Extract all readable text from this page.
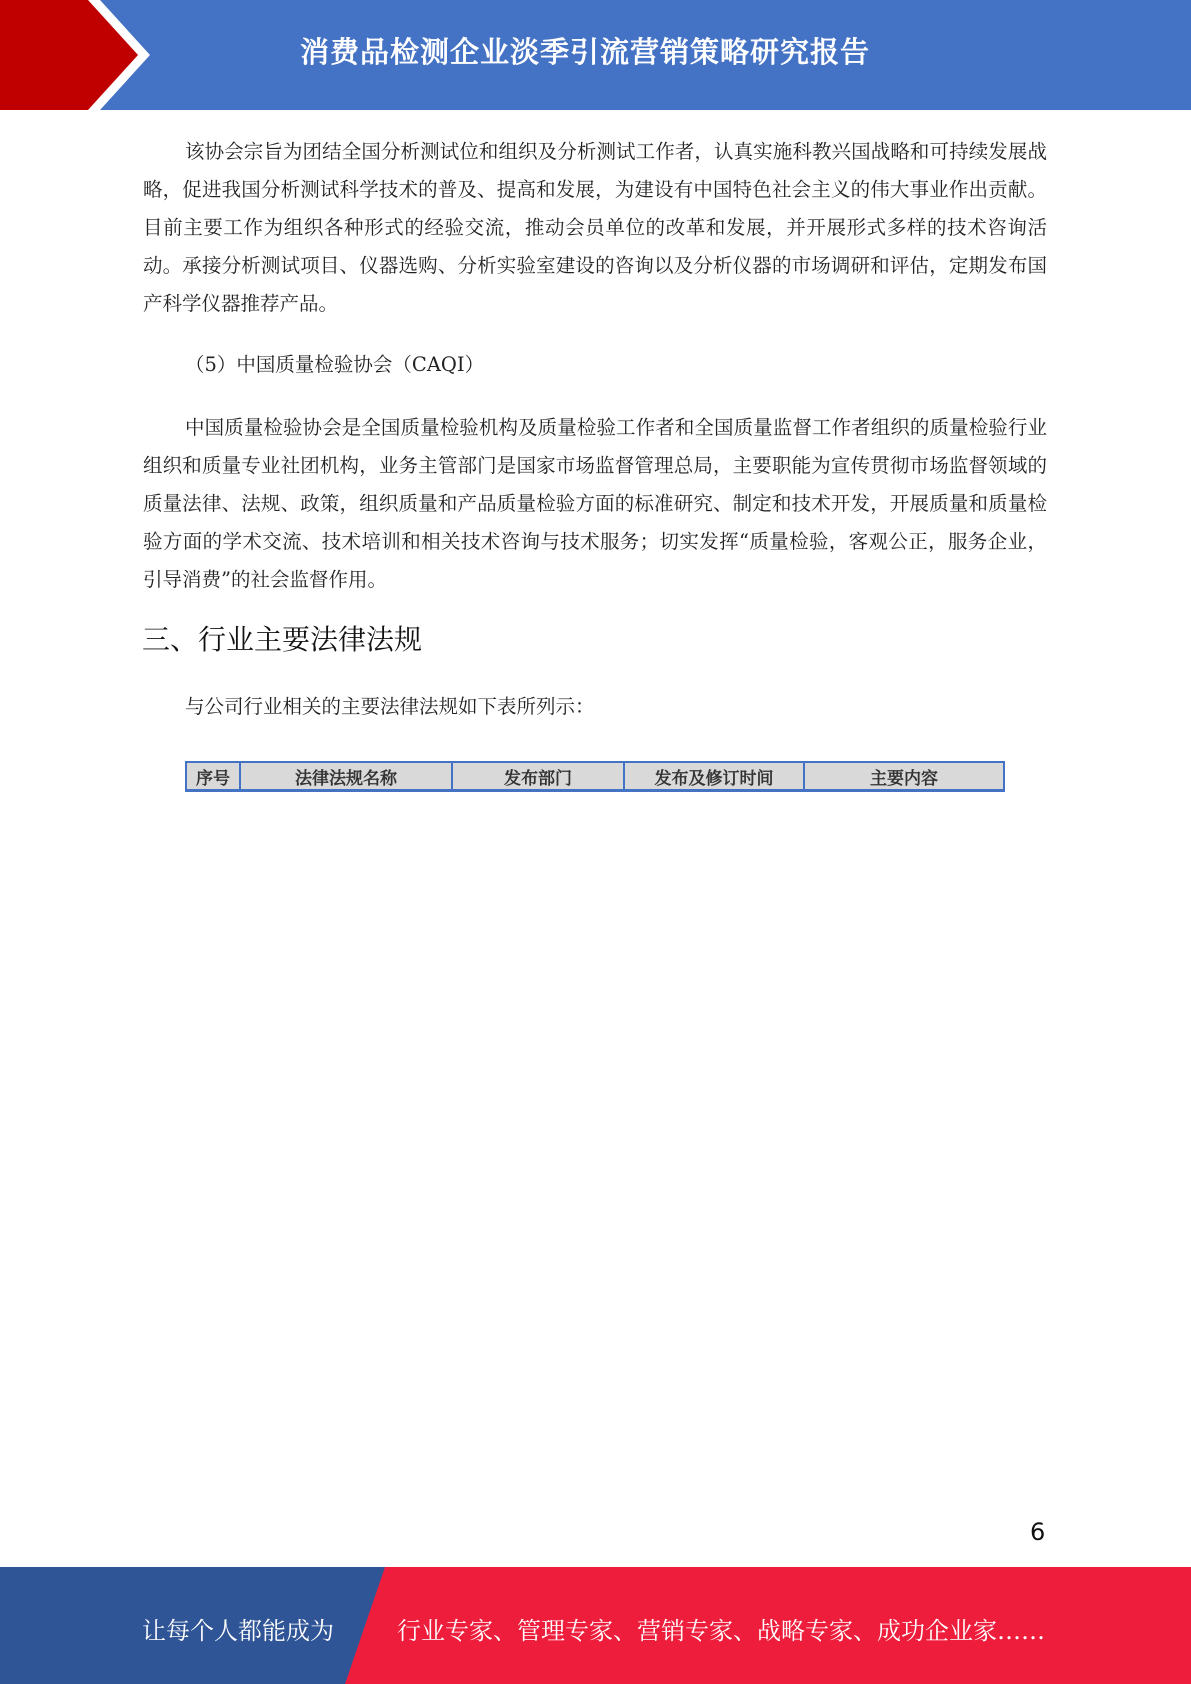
消费品检测企业淡季引流营销策略研究报告

该协会宗旨为团结全国分析测试位和组织及分析测试工作者，认真实施科教兴国战略和可持续发展战略，促进我国分析测试科学技术的普及、提高和发展，为建设有中国特色社会主义的伟大事业作出贡献。目前主要工作为组织各种形式的经验交流，推动会员单位的改革和发展，并开展形式多样的技术咨询活动。承接分析测试项目、仪器选购、分析实验室建设的咨询以及分析仪器的市场调研和评估，定期发布国产科学仪器推荐产品。

（5）中国质量检验协会（CAQI）

中国质量检验协会是全国质量检验机构及质量检验工作者和全国质量监督工作者组织的质量检验行业组织和质量专业社团机构，业务主管部门是国家市场监督管理总局，主要职能为宣传贯彻市场监督领域的质量法律、法规、政策，组织质量和产品质量检验方面的标准研究、制定和技术开发，开展质量和质量检验方面的学术交流、技术培训和相关技术咨询与技术服务；切实发挥“质量检验，客观公正，服务企业，引导消费”的社会监督作用。

三、行业主要法律法规

与公司行业相关的主要法律法规如下表所列示：

序号	法律法规名称	发布部门	发布及修订时间	主要内容
6

让每个人都能成为	行业专家、管理专家、营销专家、战略专家、成功企业家……
